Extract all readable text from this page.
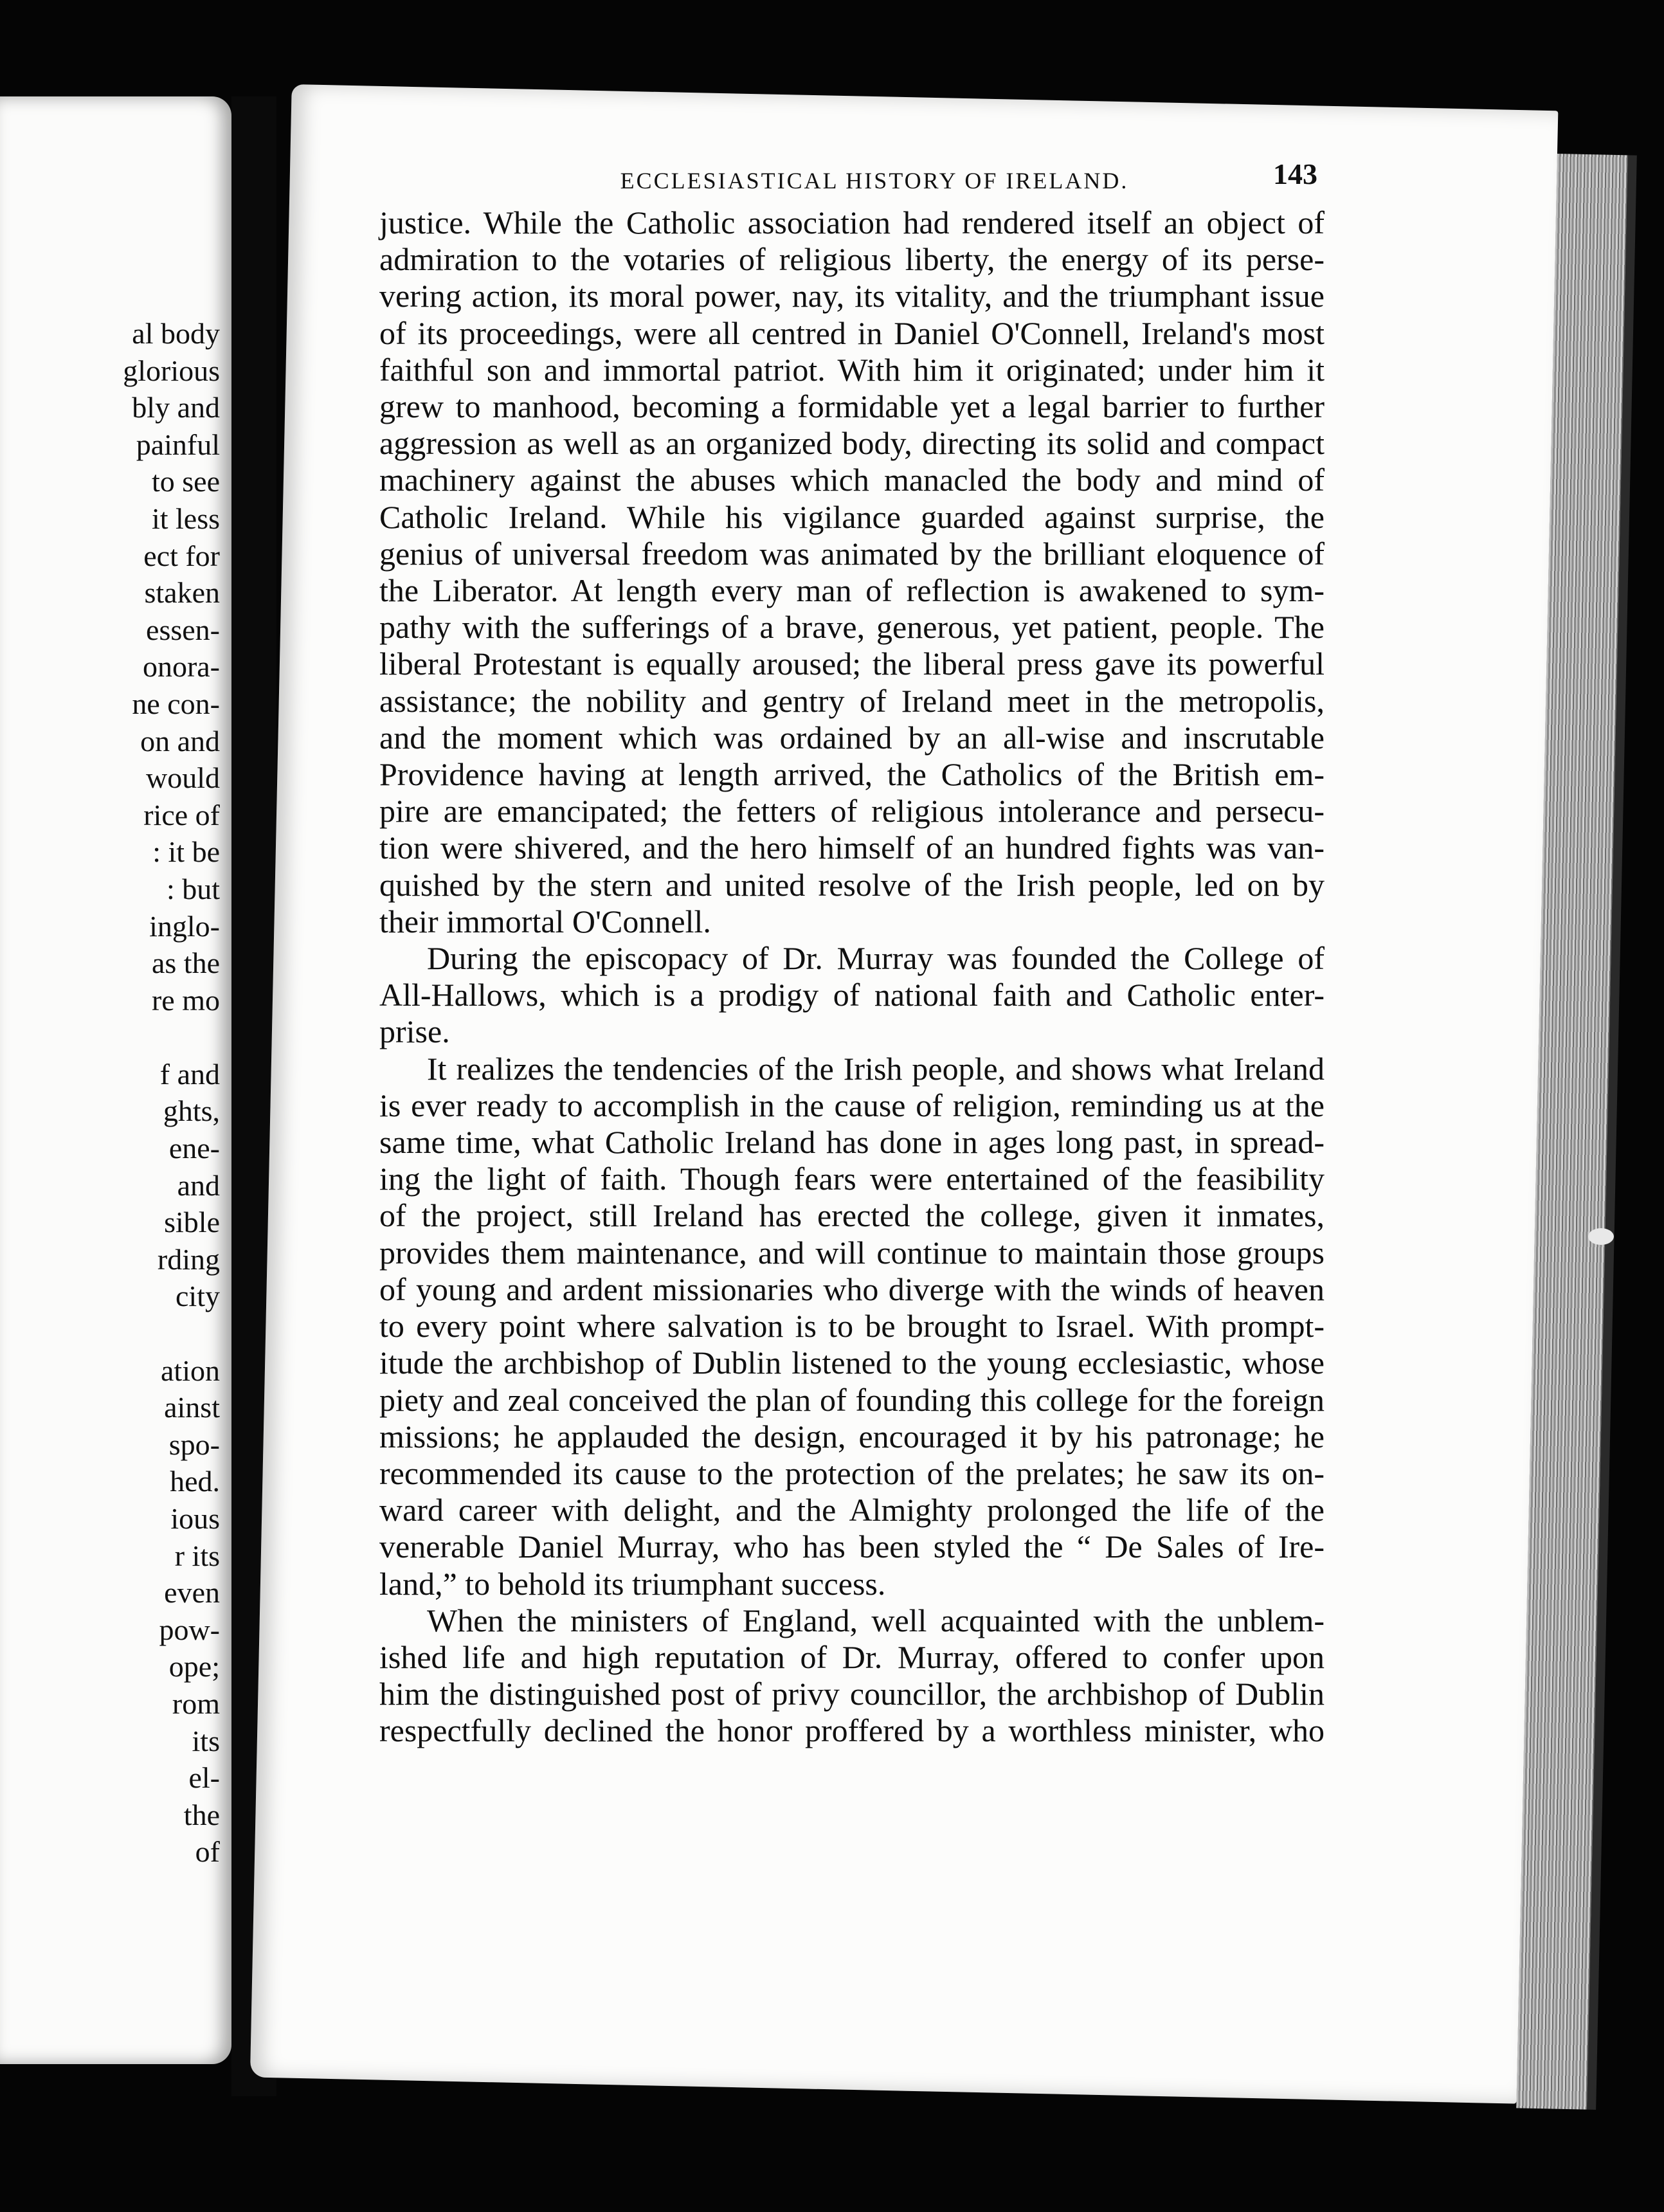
al body
glorious
bly and
painful
to see
it less
ect for
staken
essen-
onora-
ne con-
on and
would
rice of
: it be
: but
inglo-
as the
re mo
f and
ghts,
ene-
and
sible
rding
city
ation
ainst
spo-
hed.
ious
r its
even
pow-
ope;
rom
its
el-
the
of
ECCLESIASTICAL HISTORY OF IRELAND.	143
justice. While the Catholic association had rendered itself an object of
admiration to the votaries of religious liberty, the energy of its perse-
vering action, its moral power, nay, its vitality, and the triumphant issue
of its proceedings, were all centred in Daniel O'Connell, Ireland's most
faithful son and immortal patriot. With him it originated; under him it
grew to manhood, becoming a formidable yet a legal barrier to further
aggression as well as an organized body, directing its solid and compact
machinery against the abuses which manacled the body and mind of
Catholic Ireland. While his vigilance guarded against surprise, the
genius of universal freedom was animated by the brilliant eloquence of
the Liberator. At length every man of reflection is awakened to sym-
pathy with the sufferings of a brave, generous, yet patient, people. The
liberal Protestant is equally aroused; the liberal press gave its powerful
assistance; the nobility and gentry of Ireland meet in the metropolis,
and the moment which was ordained by an all-wise and inscrutable
Providence having at length arrived, the Catholics of the British em-
pire are emancipated; the fetters of religious intolerance and persecu-
tion were shivered, and the hero himself of an hundred fights was van-
quished by the stern and united resolve of the Irish people, led on by
their immortal O'Connell.
During the episcopacy of Dr. Murray was founded the College of
All-Hallows, which is a prodigy of national faith and Catholic enter-
prise.
It realizes the tendencies of the Irish people, and shows what Ireland
is ever ready to accomplish in the cause of religion, reminding us at the
same time, what Catholic Ireland has done in ages long past, in spread-
ing the light of faith. Though fears were entertained of the feasibility
of the project, still Ireland has erected the college, given it inmates,
provides them maintenance, and will continue to maintain those groups
of young and ardent missionaries who diverge with the winds of heaven
to every point where salvation is to be brought to Israel. With prompt-
itude the archbishop of Dublin listened to the young ecclesiastic, whose
piety and zeal conceived the plan of founding this college for the foreign
missions; he applauded the design, encouraged it by his patronage; he
recommended its cause to the protection of the prelates; he saw its on-
ward career with delight, and the Almighty prolonged the life of the
venerable Daniel Murray, who has been styled the “ De Sales of Ire-
land,” to behold its triumphant success.
When the ministers of England, well acquainted with the unblem-
ished life and high reputation of Dr. Murray, offered to confer upon
him the distinguished post of privy councillor, the archbishop of Dublin
respectfully declined the honor proffered by a worthless minister, who
